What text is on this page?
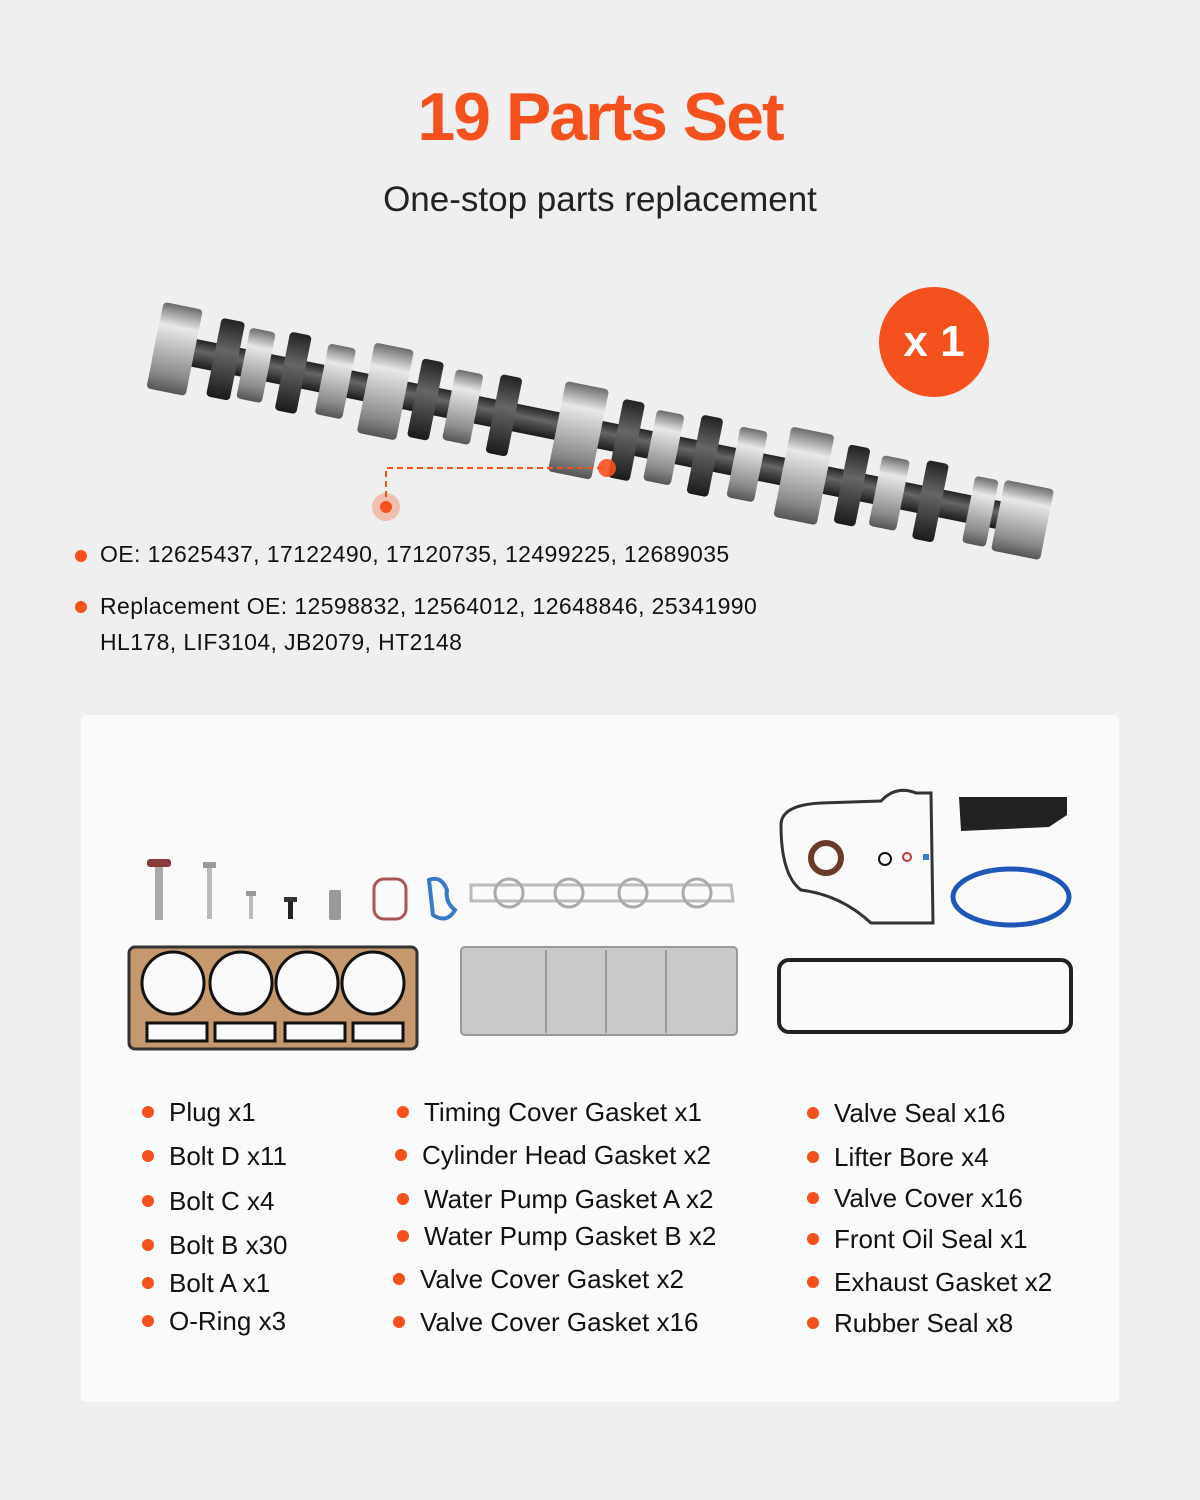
19 Parts Set
One-stop parts replacement
x 1
OE: 12625437, 17122490, 17120735, 12499225, 12689035
Replacement OE: 12598832, 12564012, 12648846, 25341990
HL178, LIF3104, JB2079, HT2148
Plug x1
Bolt D x11
Bolt C x4
Bolt B x30
Bolt A x1
O-Ring x3
Timing Cover Gasket x1
Cylinder Head Gasket x2
Water Pump Gasket A x2
Water Pump Gasket B x2
Valve Cover Gasket x2
Valve Cover Gasket x16
Valve Seal x16
Lifter Bore x4
Valve Cover x16
Front Oil Seal x1
Exhaust Gasket x2
Rubber Seal x8
